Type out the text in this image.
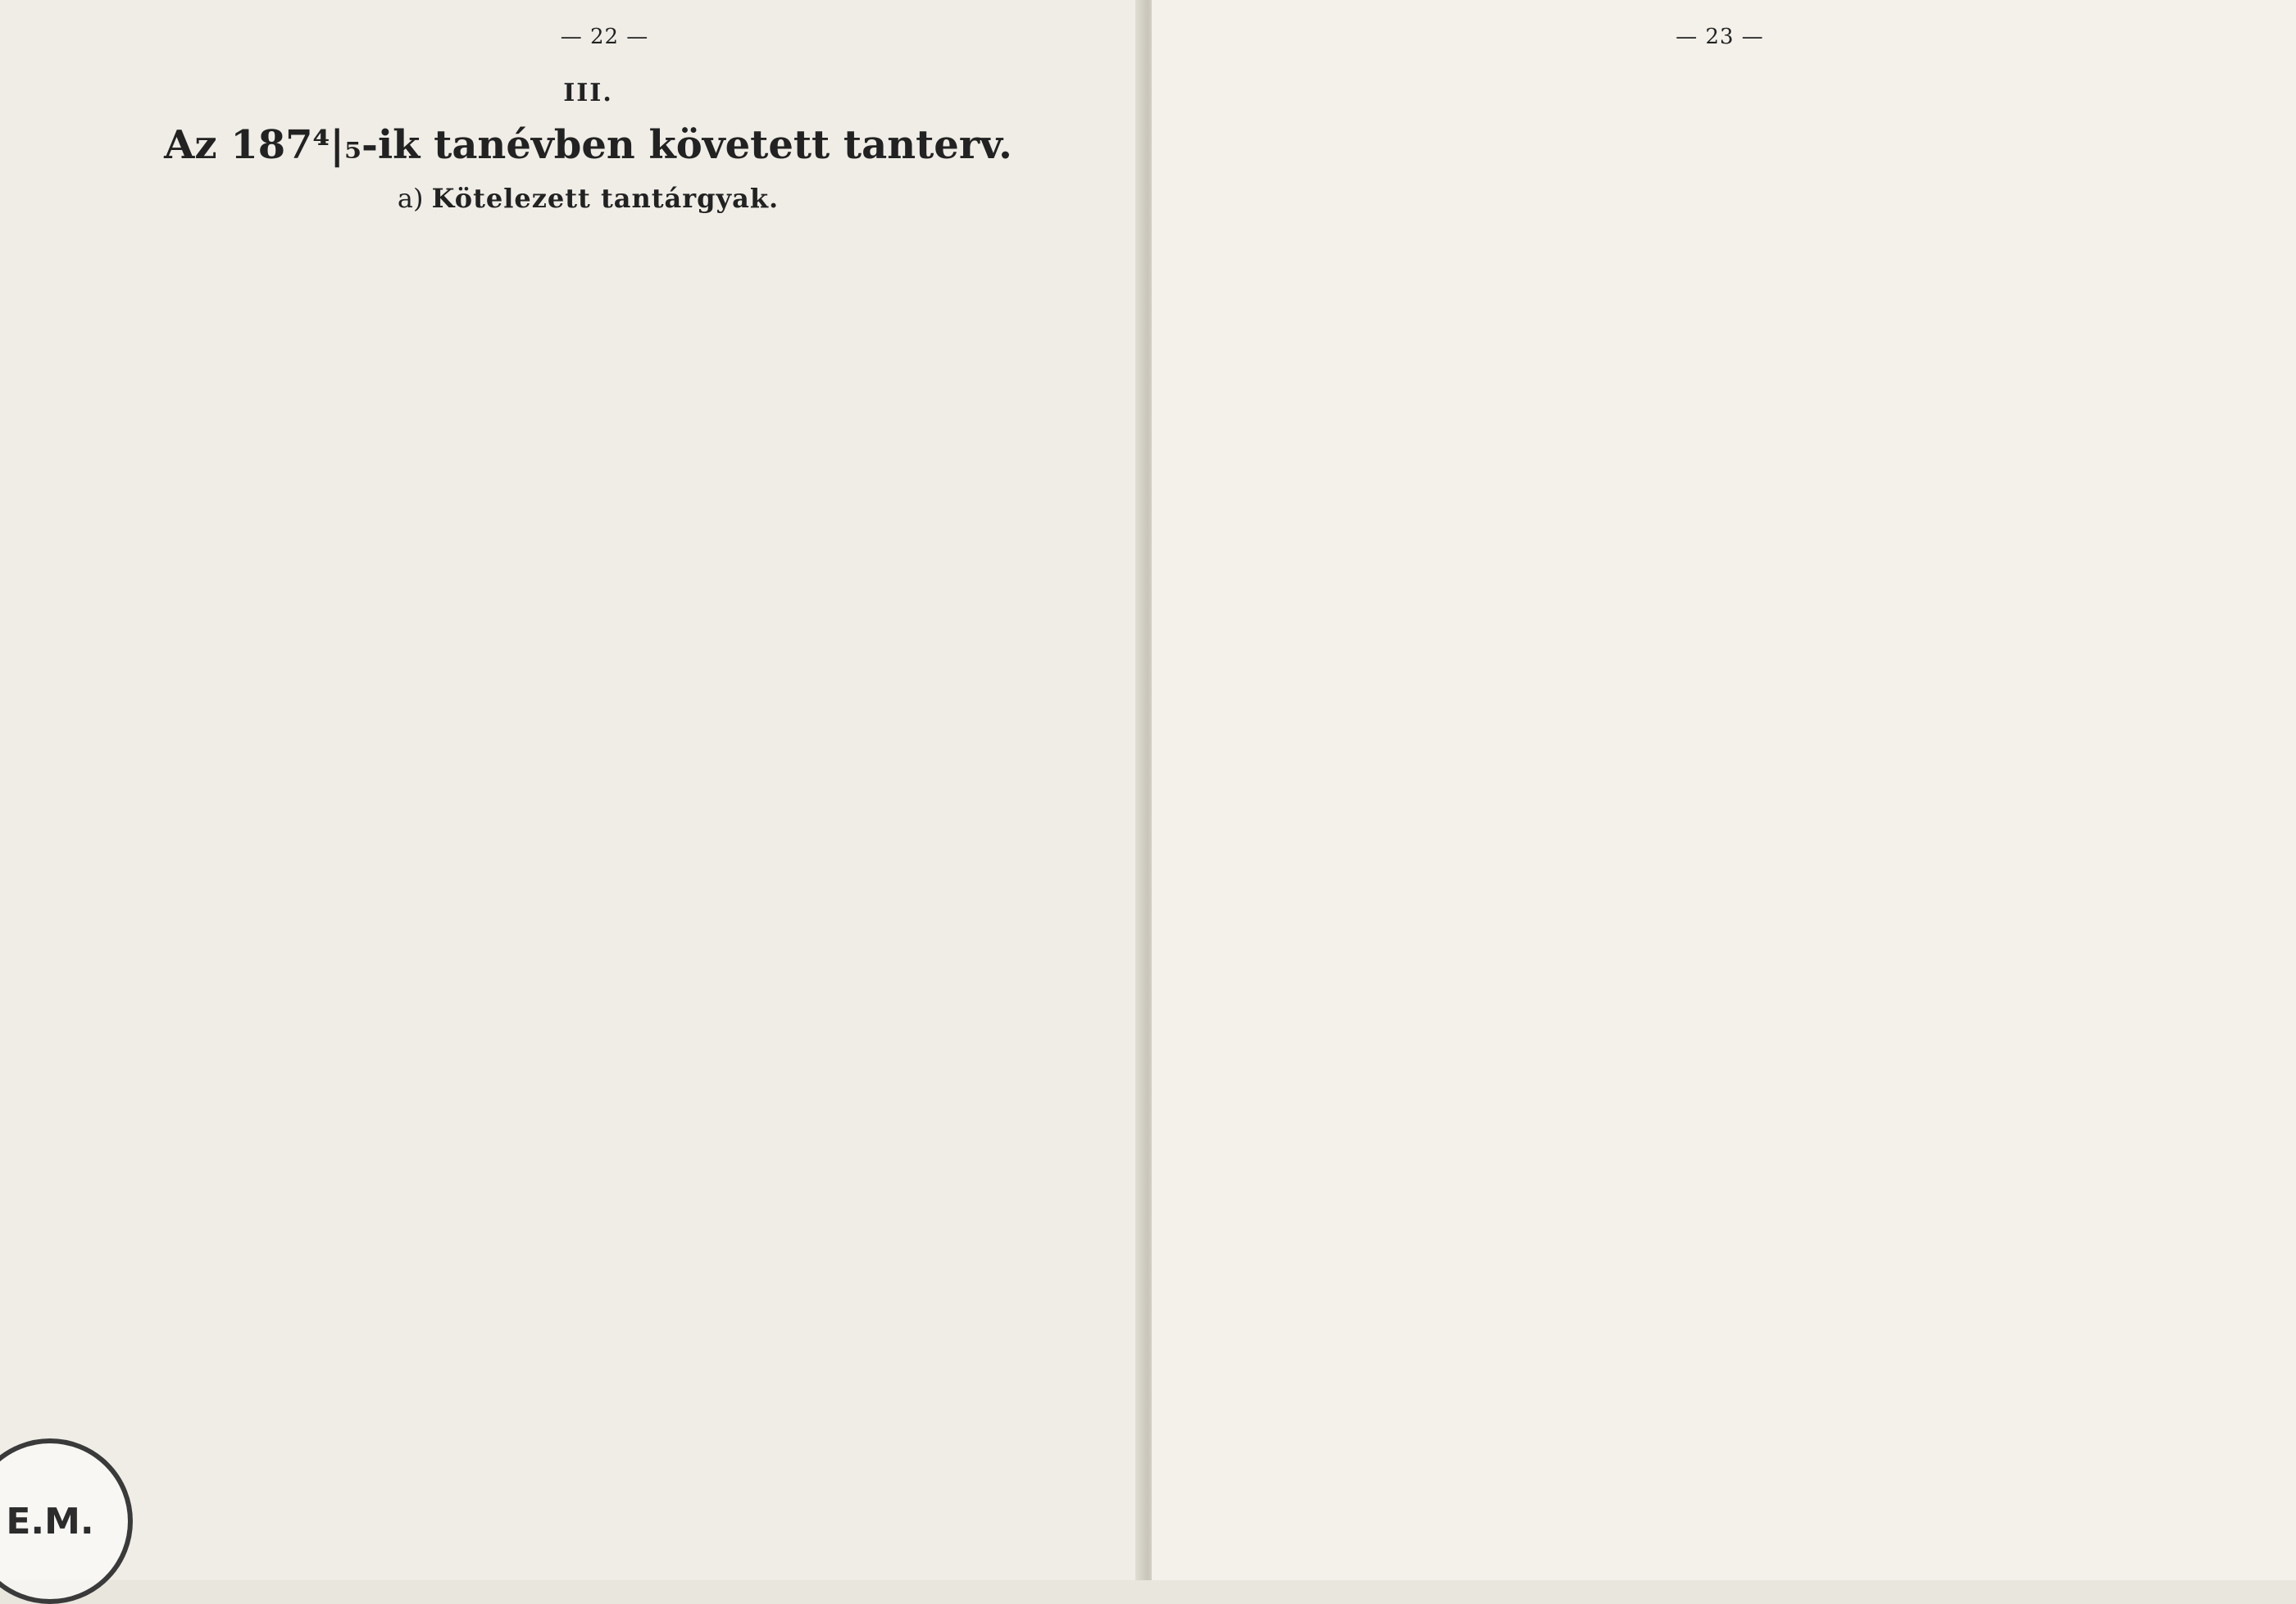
— 22 —
III.
Az 187⁴|₅-ik tanévben követett tanterv.
a) Kötelezett tantárgyak.
E.M.
— 23 —
